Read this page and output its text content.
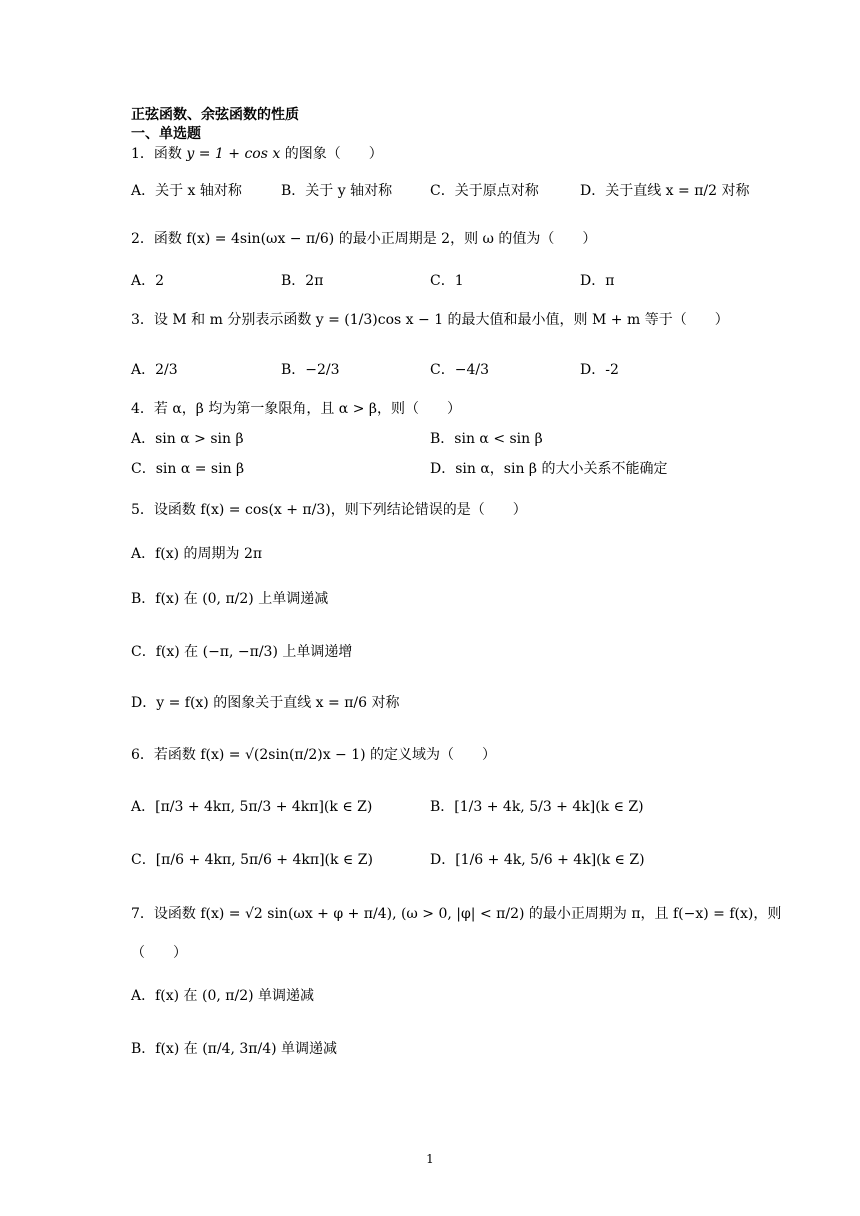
正弦函数、余弦函数的性质
一、单选题
1．函数 y = 1 + cos x 的图象（　　）
A．关于 x 轴对称	B．关于 y 轴对称	C．关于原点对称	D．关于直线 x = π/2 对称
2．函数 f(x) = 4sin(ωx − π/6) 的最小正周期是 2，则 ω 的值为（　　）
A．2	B．2π	C．1	D．π
3．设 M 和 m 分别表示函数 y = (1/3)cos x − 1 的最大值和最小值，则 M + m 等于（　　）
A．2/3	B．−2/3	C．−4/3	D．-2
4．若 α，β 均为第一象限角，且 α > β，则（　　）
A．sin α > sin β	B．sin α < sin β
C．sin α = sin β	D．sin α，sin β 的大小关系不能确定
5．设函数 f(x) = cos(x + π/3)，则下列结论错误的是（　　）
A．f(x) 的周期为 2π
B．f(x) 在 (0, π/2) 上单调递减
C．f(x) 在 (−π, −π/3) 上单调递增
D．y = f(x) 的图象关于直线 x = π/6 对称
6．若函数 f(x) = √(2sin(π/2)x − 1) 的定义域为（　　）
A．[π/3 + 4kπ, 5π/3 + 4kπ](k ∈ Z)	B．[1/3 + 4k, 5/3 + 4k](k ∈ Z)
C．[π/6 + 4kπ, 5π/6 + 4kπ](k ∈ Z)	D．[1/6 + 4k, 5/6 + 4k](k ∈ Z)
7．设函数 f(x) = √2 sin(ωx + φ + π/4), (ω > 0, |φ| < π/2) 的最小正周期为 π，且 f(−x) = f(x)，则
（　　）
A．f(x) 在 (0, π/2) 单调递减
B．f(x) 在 (π/4, 3π/4) 单调递减
1
